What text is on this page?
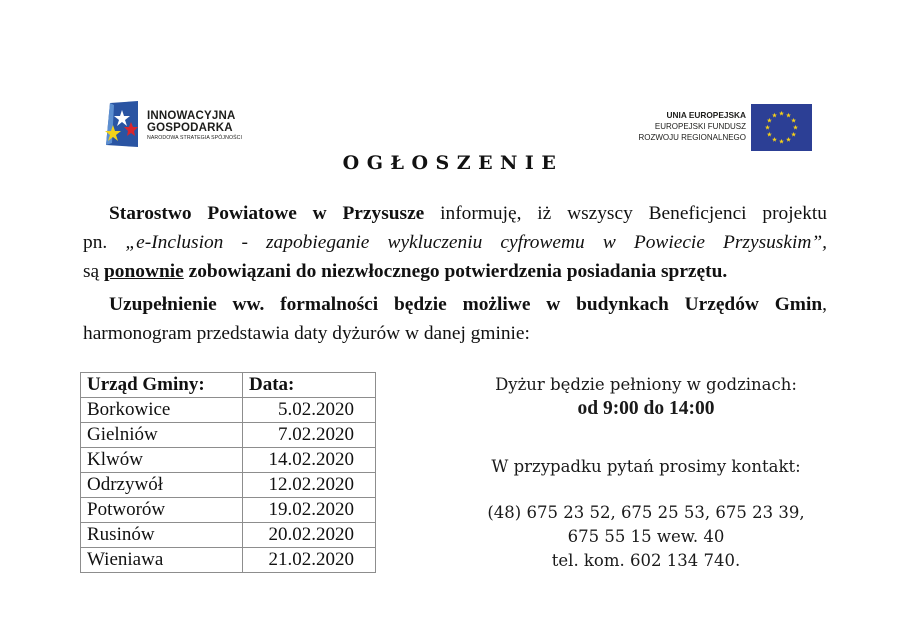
INNOWACYJNA
GOSPODARKA
NARODOWA STRATEGIA SPÓJNOŚCI
UNIA EUROPEJSKA
EUROPEJSKI FUNDUSZ
ROZWOJU REGIONALNEGO
OGŁOSZENIE
Starostwo Powiatowe w Przysusze informuję, iż wszyscy Beneficjenci projektu
pn. „e-Inclusion - zapobieganie wykluczeniu cyfrowemu w Powiecie Przysuskim”,
są ponownie zobowiązani do niezwłocznego potwierdzenia posiadania sprzętu.
Uzupełnienie ww. formalności będzie możliwe w budynkach Urzędów Gmin,
harmonogram przedstawia daty dyżurów w danej gminie:
Urząd Gminy:	Data:
Borkowice	5.02.2020
Gielniów	7.02.2020
Klwów	14.02.2020
Odrzywół	12.02.2020
Potworów	19.02.2020
Rusinów	20.02.2020
Wieniawa	21.02.2020
Dyżur będzie pełniony w godzinach:
od 9:00 do 14:00
W przypadku pytań prosimy kontakt:
(48) 675 23 52, 675 25 53, 675 23 39,
675 55 15 wew. 40
tel. kom. 602 134 740.
